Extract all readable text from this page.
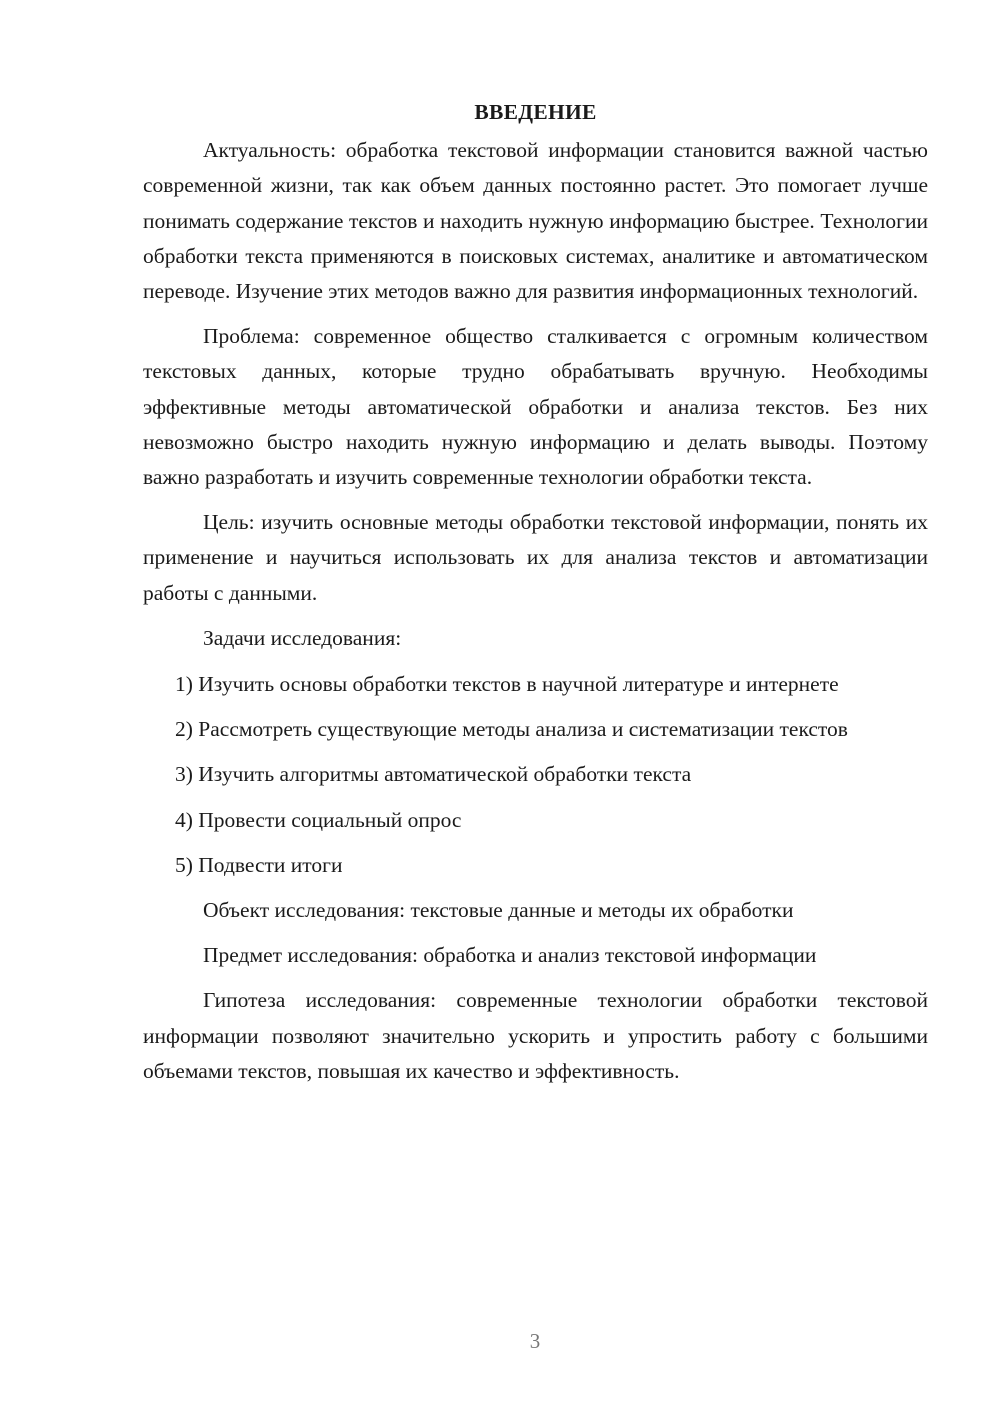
ВВЕДЕНИЕ

Актуальность: обработка текстовой информации становится важной частью современной жизни, так как объем данных постоянно растет. Это помогает лучше понимать содержание текстов и находить нужную информацию быстрее. Технологии обработки текста применяются в поисковых системах, аналитике и автоматическом переводе. Изучение этих методов важно для развития информационных технологий.

Проблема: современное общество сталкивается с огромным количеством текстовых данных, которые трудно обрабатывать вручную. Необходимы эффективные методы автоматической обработки и анализа текстов. Без них невозможно быстро находить нужную информацию и делать выводы. Поэтому важно разработать и изучить современные технологии обработки текста.

Цель: изучить основные методы обработки текстовой информации, понять их применение и научиться использовать их для анализа текстов и автоматизации работы с данными.

Задачи исследования:

1) Изучить основы обработки текстов в научной литературе и интернете

2) Рассмотреть существующие методы анализа и систематизации текстов

3) Изучить алгоритмы автоматической обработки текста

4) Провести социальный опрос

5) Подвести итоги

Объект исследования: текстовые данные и методы их обработки

Предмет исследования: обработка и анализ текстовой информации

Гипотеза исследования: современные технологии обработки текстовой информации позволяют значительно ускорить и упростить работу с большими объемами текстов, повышая их качество и эффективность.

3
